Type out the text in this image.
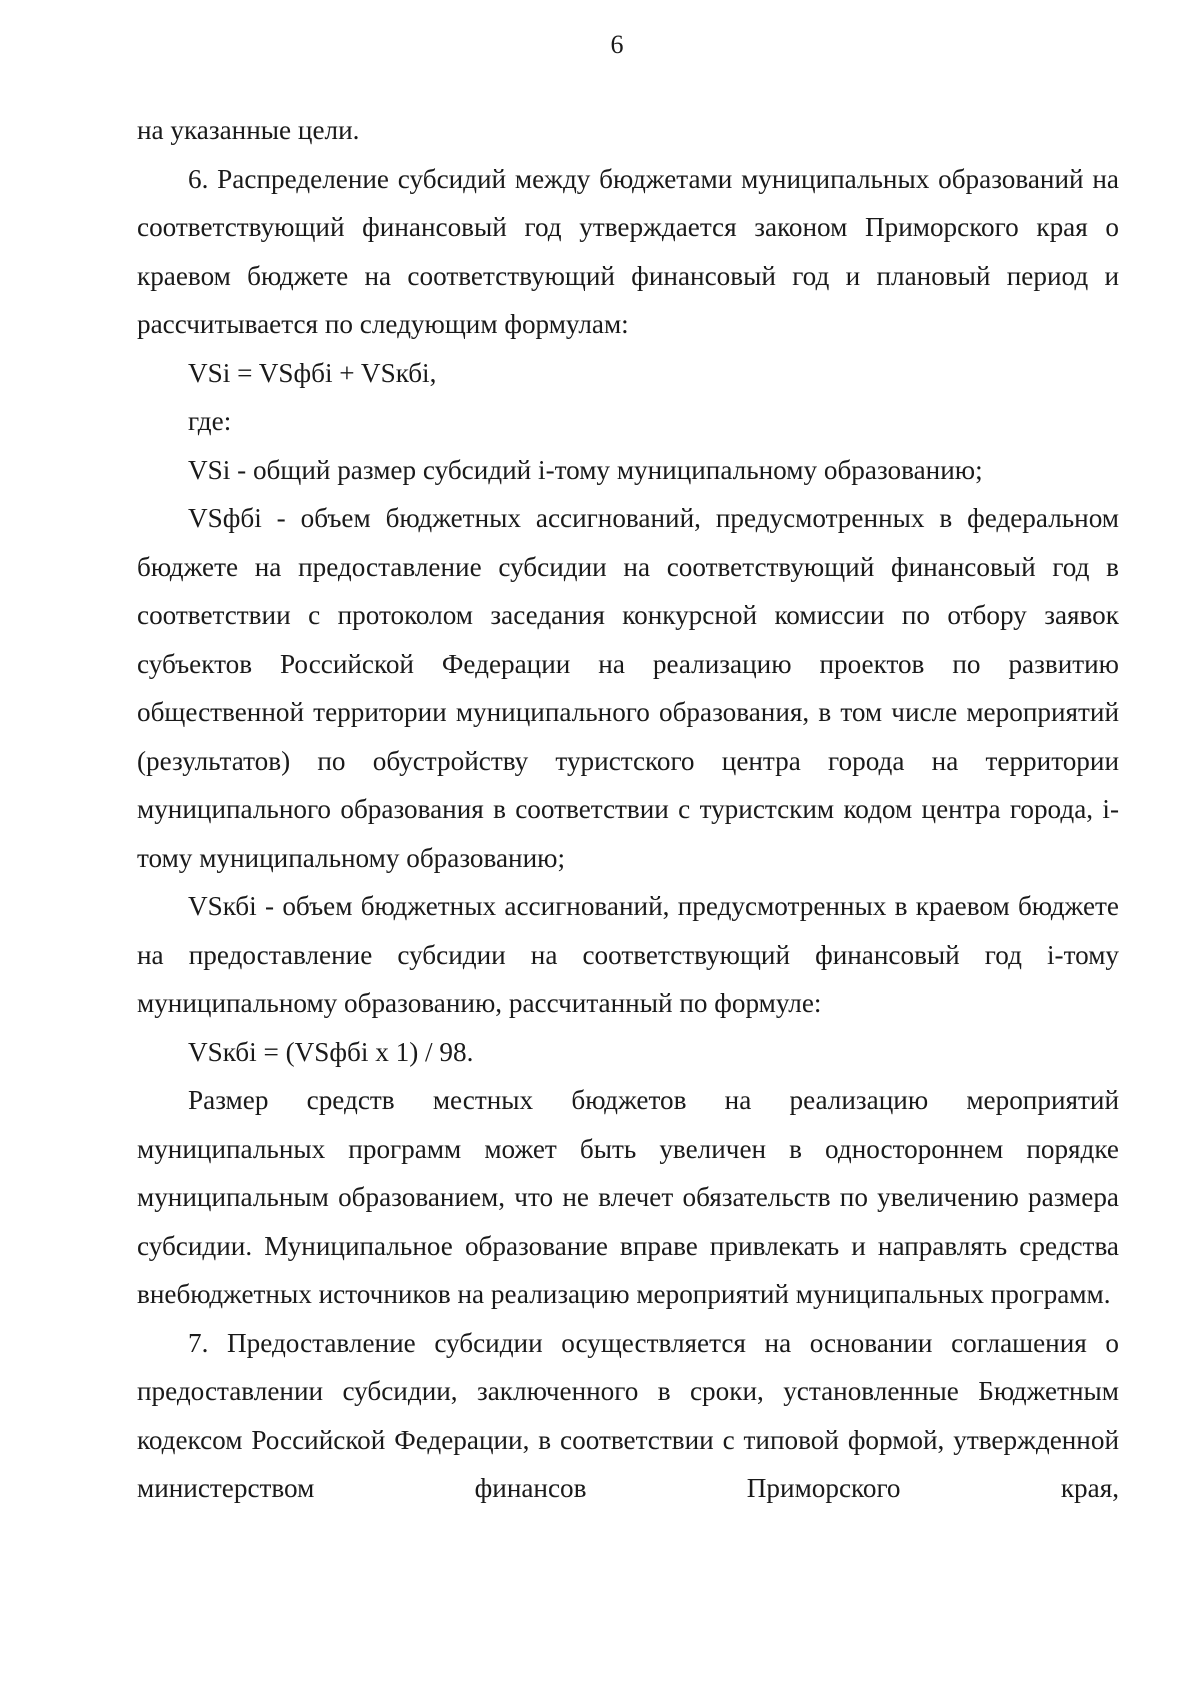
6

на указанные цели.

6. Распределение субсидий между бюджетами муниципальных образований на соответствующий финансовый год утверждается законом Приморского края о краевом бюджете на соответствующий финансовый год и плановый период и рассчитывается по следующим формулам:

VSi = VSфбi + VSкбi,

где:

VSi - общий размер субсидий i-тому муниципальному образованию;

VSфбi - объем бюджетных ассигнований, предусмотренных в федеральном бюджете на предоставление субсидии на соответствующий финансовый год в соответствии с протоколом заседания конкурсной комиссии по отбору заявок субъектов Российской Федерации на реализацию проектов по развитию общественной территории муниципального образования, в том числе мероприятий (результатов) по обустройству туристского центра города на территории муниципального образования в соответствии с туристским кодом центра города, i-тому муниципальному образованию;

VSкбi - объем бюджетных ассигнований, предусмотренных в краевом бюджете на предоставление субсидии на соответствующий финансовый год i-тому муниципальному образованию, рассчитанный по формуле:

VSкбi = (VSфбi x 1) / 98.

Размер средств местных бюджетов на реализацию мероприятий муниципальных программ может быть увеличен в одностороннем порядке муниципальным образованием, что не влечет обязательств по увеличению размера субсидии. Муниципальное образование вправе привлекать и направлять средства внебюджетных источников на реализацию мероприятий муниципальных программ.

7. Предоставление субсидии осуществляется на основании соглашения о предоставлении субсидии, заключенного в сроки, установленные Бюджетным кодексом Российской Федерации, в соответствии с типовой формой, утвержденной министерством финансов Приморского края,
